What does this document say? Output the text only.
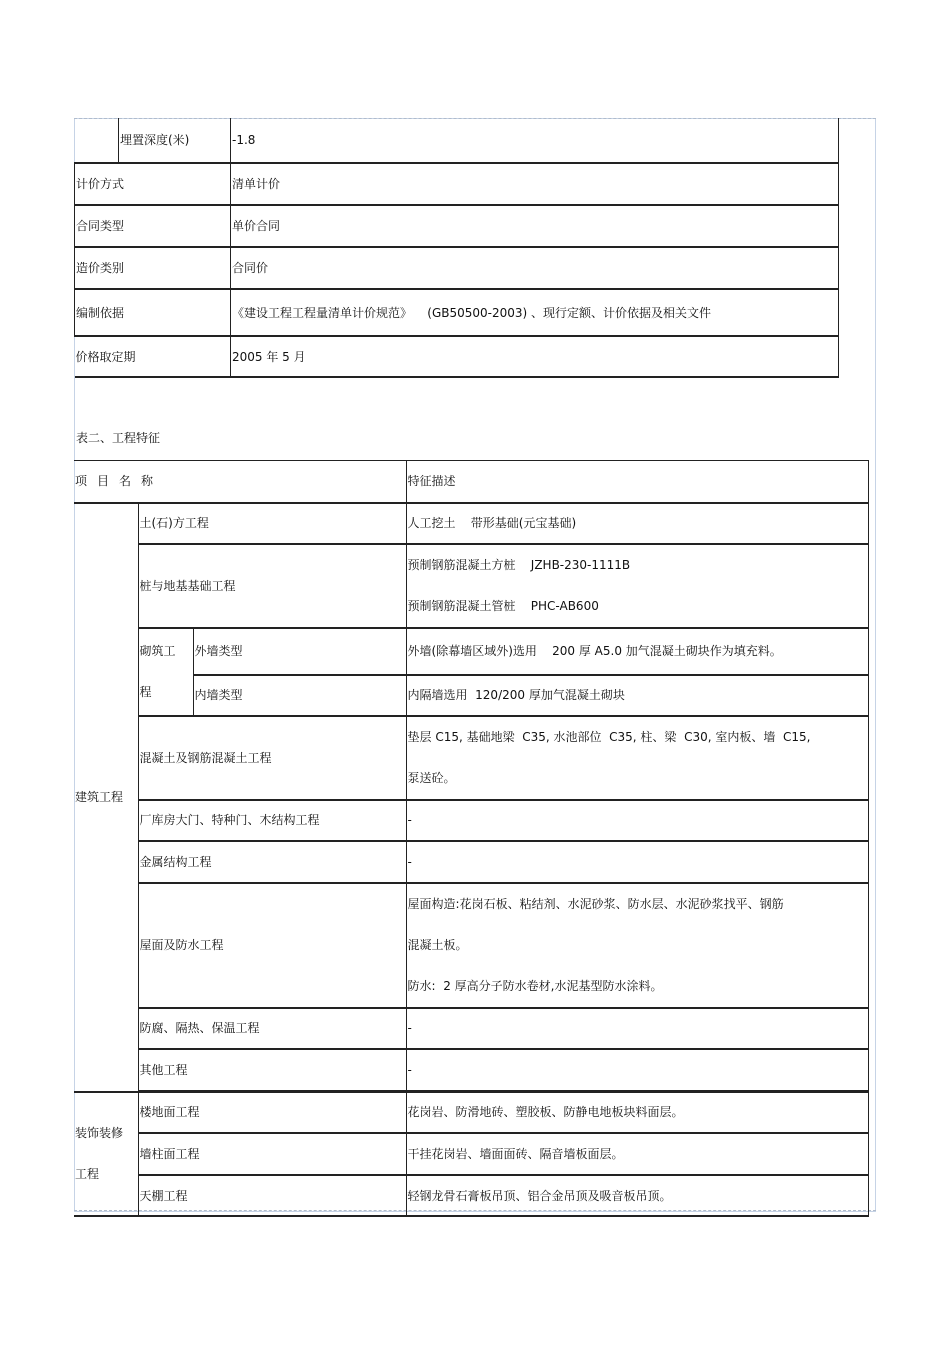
	埋置深度(米)	-1.8
计价方式		清单计价
合同类型		单价合同
造价类别		合同价
编制依据		《建设工程工程量清单计价规范》    (GB50500-2003) 、现行定额、计价依据及相关文件
价格取定期		2005 年 5 月
表二、工程特征
项目名称			特征描述
建筑工程	土(石)方工程		人工挖土    带形基础(元宝基础)
	桩与地基基础工程		预制钢筋混凝土方桩    JZHB-230-1111B
预制钢筋混凝土管桩    PHC-AB600

	砌筑工
程	外墙类型	外墙(除幕墙区域外)选用    200 厚 A5.0 加气混凝土砌块作为填充料。
		内墙类型	内隔墙选用  120/200 厚加气混凝土砌块
	混凝土及钢筋混凝土工程		垫层 C15, 基础地梁  C35, 水池部位  C35, 柱、梁  C30, 室内板、墙  C15,
泵送砼。

	厂库房大门、特种门、木结构工程		-
	金属结构工程		-
	屋面及防水工程		屋面构造:花岗石板、粘结剂、水泥砂浆、防水层、水泥砂浆找平、钢筋
混凝土板。
防水:  2 厚高分子防水卷材,水泥基型防水涂料。

	防腐、隔热、保温工程		-
	其他工程		-

装饰装修
工程	楼地面工程		花岗岩、防滑地砖、塑胶板、防静电地板块料面层。
	墙柱面工程		干挂花岗岩、墙面面砖、隔音墙板面层。
	天棚工程		轻钢龙骨石膏板吊顶、铝合金吊顶及吸音板吊顶。
